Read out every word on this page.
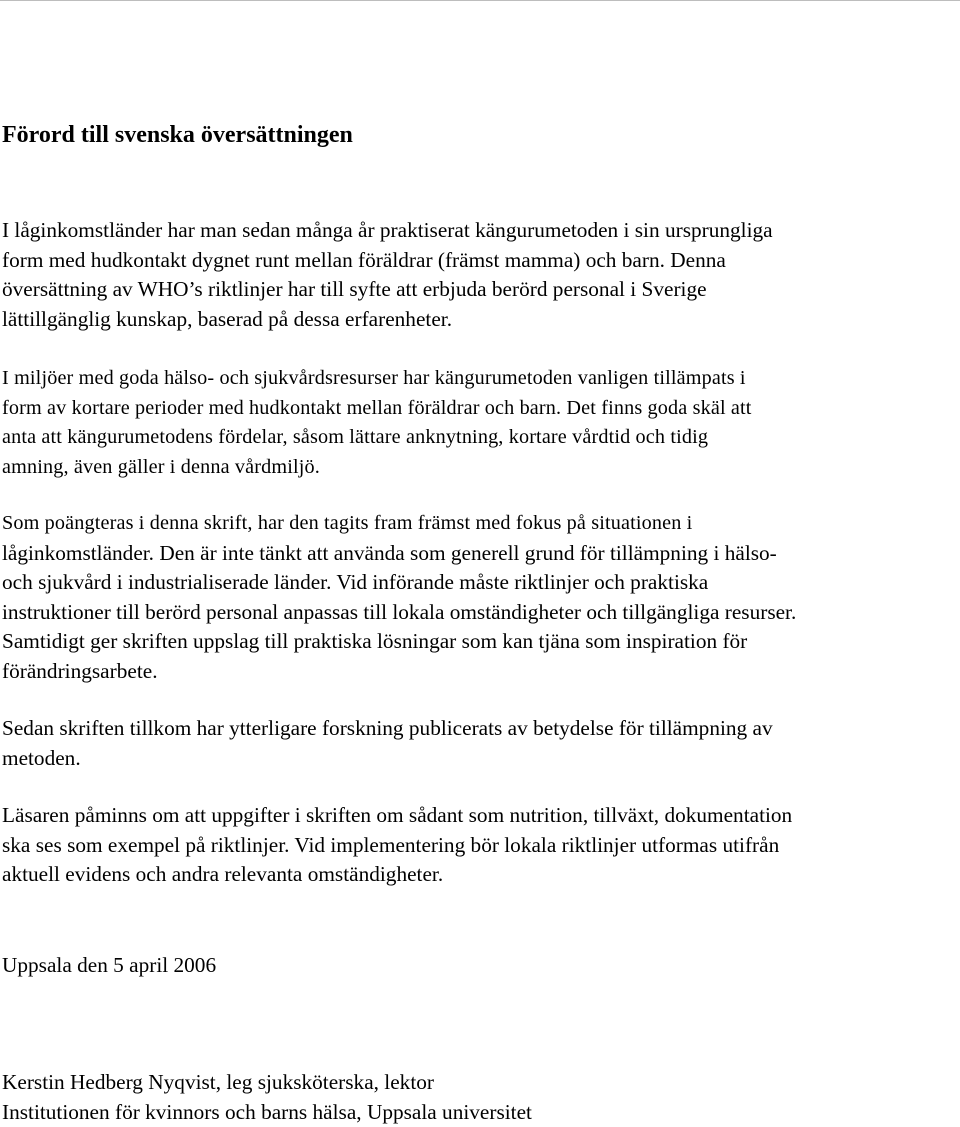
Förord till svenska översättningen

I låginkomstländer har man sedan många år praktiserat kängurumetoden i sin ursprungliga
form med hudkontakt dygnet runt mellan föräldrar (främst mamma) och barn. Denna
översättning av WHO’s riktlinjer har till syfte att erbjuda berörd personal i Sverige
lättillgänglig kunskap, baserad på dessa erfarenheter.

I miljöer med goda hälso- och sjukvårdsresurser har kängurumetoden vanligen tillämpats i
form av kortare perioder med hudkontakt mellan föräldrar och barn. Det finns goda skäl att
anta att kängurumetodens fördelar, såsom lättare anknytning, kortare vårdtid och tidig
amning, även gäller i denna vårdmiljö.

Som poängteras i denna skrift, har den tagits fram främst med fokus på situationen i
låginkomstländer. Den är inte tänkt att använda som generell grund för tillämpning i hälso-
och sjukvård i industrialiserade länder. Vid införande måste riktlinjer och praktiska
instruktioner till berörd personal anpassas till lokala omständigheter och tillgängliga resurser.
Samtidigt ger skriften uppslag till praktiska lösningar som kan tjäna som inspiration för
förändringsarbete.

Sedan skriften tillkom har ytterligare forskning publicerats av betydelse för tillämpning av
metoden.

Läsaren påminns om att uppgifter i skriften om sådant som nutrition, tillväxt, dokumentation
ska ses som exempel på riktlinjer. Vid implementering bör lokala riktlinjer utformas utifrån
aktuell evidens och andra relevanta omständigheter.

Uppsala den 5 april 2006

Kerstin Hedberg Nyqvist, leg sjuksköterska, lektor
Institutionen för kvinnors och barns hälsa, Uppsala universitet
